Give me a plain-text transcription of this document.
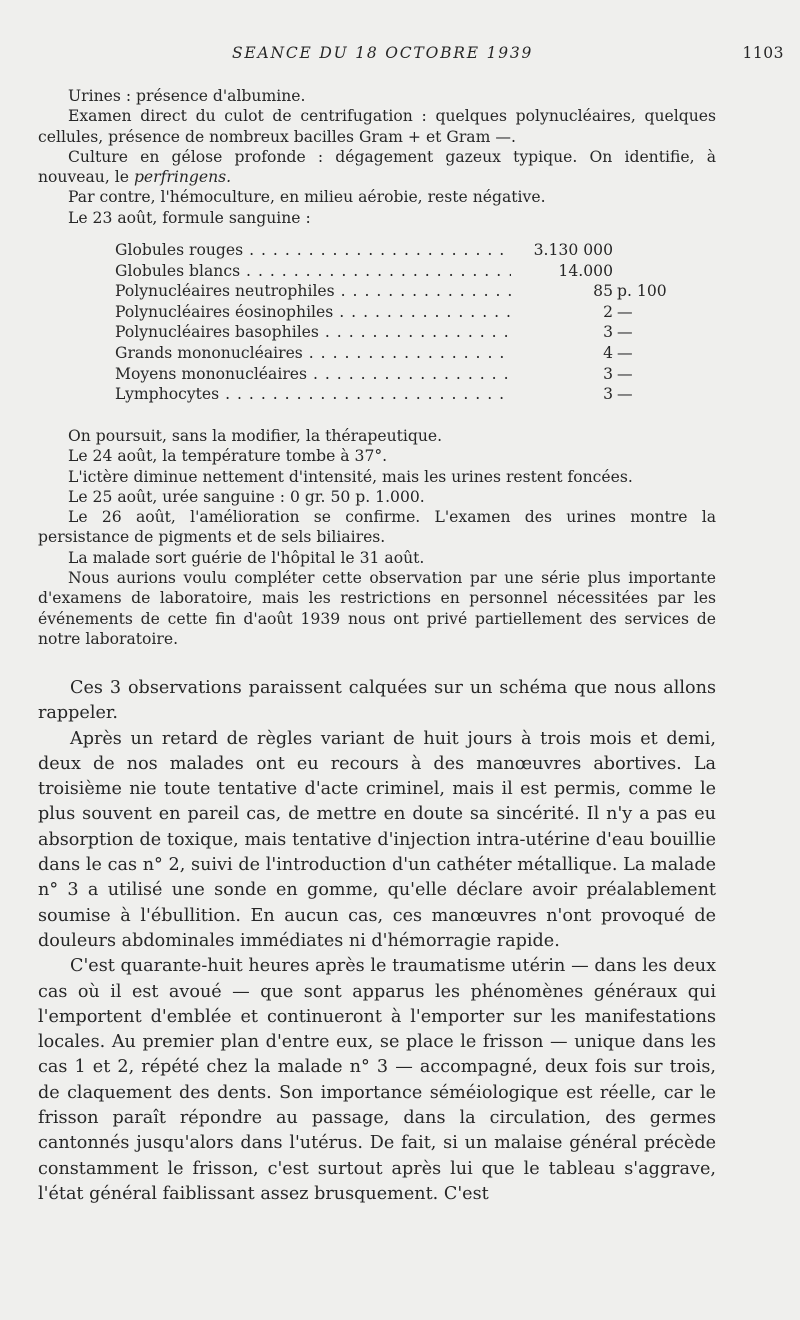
SEANCE DU 18 OCTOBRE 1939	1103

Urines : présence d'albumine.

Examen direct du culot de centrifugation : quelques polynucléaires, quelques cellules, présence de nombreux bacilles Gram + et Gram —.

Culture en gélose profonde : dégagement gazeux typique. On identifie, à nouveau, le perfringens.

Par contre, l'hémoculture, en milieu aérobie, reste négative.

Le 23 août, formule sanguine :

Globules rouges . . .	3.130 000
Globules blancs . . .	14.000
Polynucléaires neutrophiles . . .	85 p. 100
Polynucléaires éosinophiles . . .	2 —
Polynucléaires basophiles . . .	3 —
Grands mononucléaires . . .	4 —
Moyens mononucléaires . . .	3 —
Lymphocytes . . .	3 —

On poursuit, sans la modifier, la thérapeutique.

Le 24 août, la température tombe à 37°.

L'ictère diminue nettement d'intensité, mais les urines restent foncées.

Le 25 août, urée sanguine : 0 gr. 50 p. 1.000.

Le 26 août, l'amélioration se confirme. L'examen des urines montre la persistance de pigments et de sels biliaires.

La malade sort guérie de l'hôpital le 31 août.

Nous aurions voulu compléter cette observation par une série plus importante d'examens de laboratoire, mais les restrictions en personnel nécessitées par les événements de cette fin d'août 1939 nous ont privé partiellement des services de notre laboratoire.

Ces 3 observations paraissent calquées sur un schéma que nous allons rappeler.

Après un retard de règles variant de huit jours à trois mois et demi, deux de nos malades ont eu recours à des manœuvres abortives. La troisième nie toute tentative d'acte criminel, mais il est permis, comme le plus souvent en pareil cas, de mettre en doute sa sincérité. Il n'y a pas eu absorption de toxique, mais tentative d'injection intra-utérine d'eau bouillie dans le cas n° 2, suivi de l'introduction d'un cathéter métallique. La malade n° 3 a utilisé une sonde en gomme, qu'elle déclare avoir préalablement soumise à l'ébullition. En aucun cas, ces manœuvres n'ont provoqué de douleurs abdominales immédiates ni d'hémorragie rapide.

C'est quarante-huit heures après le traumatisme utérin — dans les deux cas où il est avoué — que sont apparus les phénomènes généraux qui l'emportent d'emblée et continueront à l'emporter sur les manifestations locales. Au premier plan d'entre eux, se place le frisson — unique dans les cas 1 et 2, répété chez la malade n° 3 — accompagné, deux fois sur trois, de claquement des dents. Son importance séméiologique est réelle, car le frisson paraît répondre au passage, dans la circulation, des germes cantonnés jusqu'alors dans l'utérus. De fait, si un malaise général précède constamment le frisson, c'est surtout après lui que le tableau s'aggrave, l'état général faiblissant assez brusquement. C'est
